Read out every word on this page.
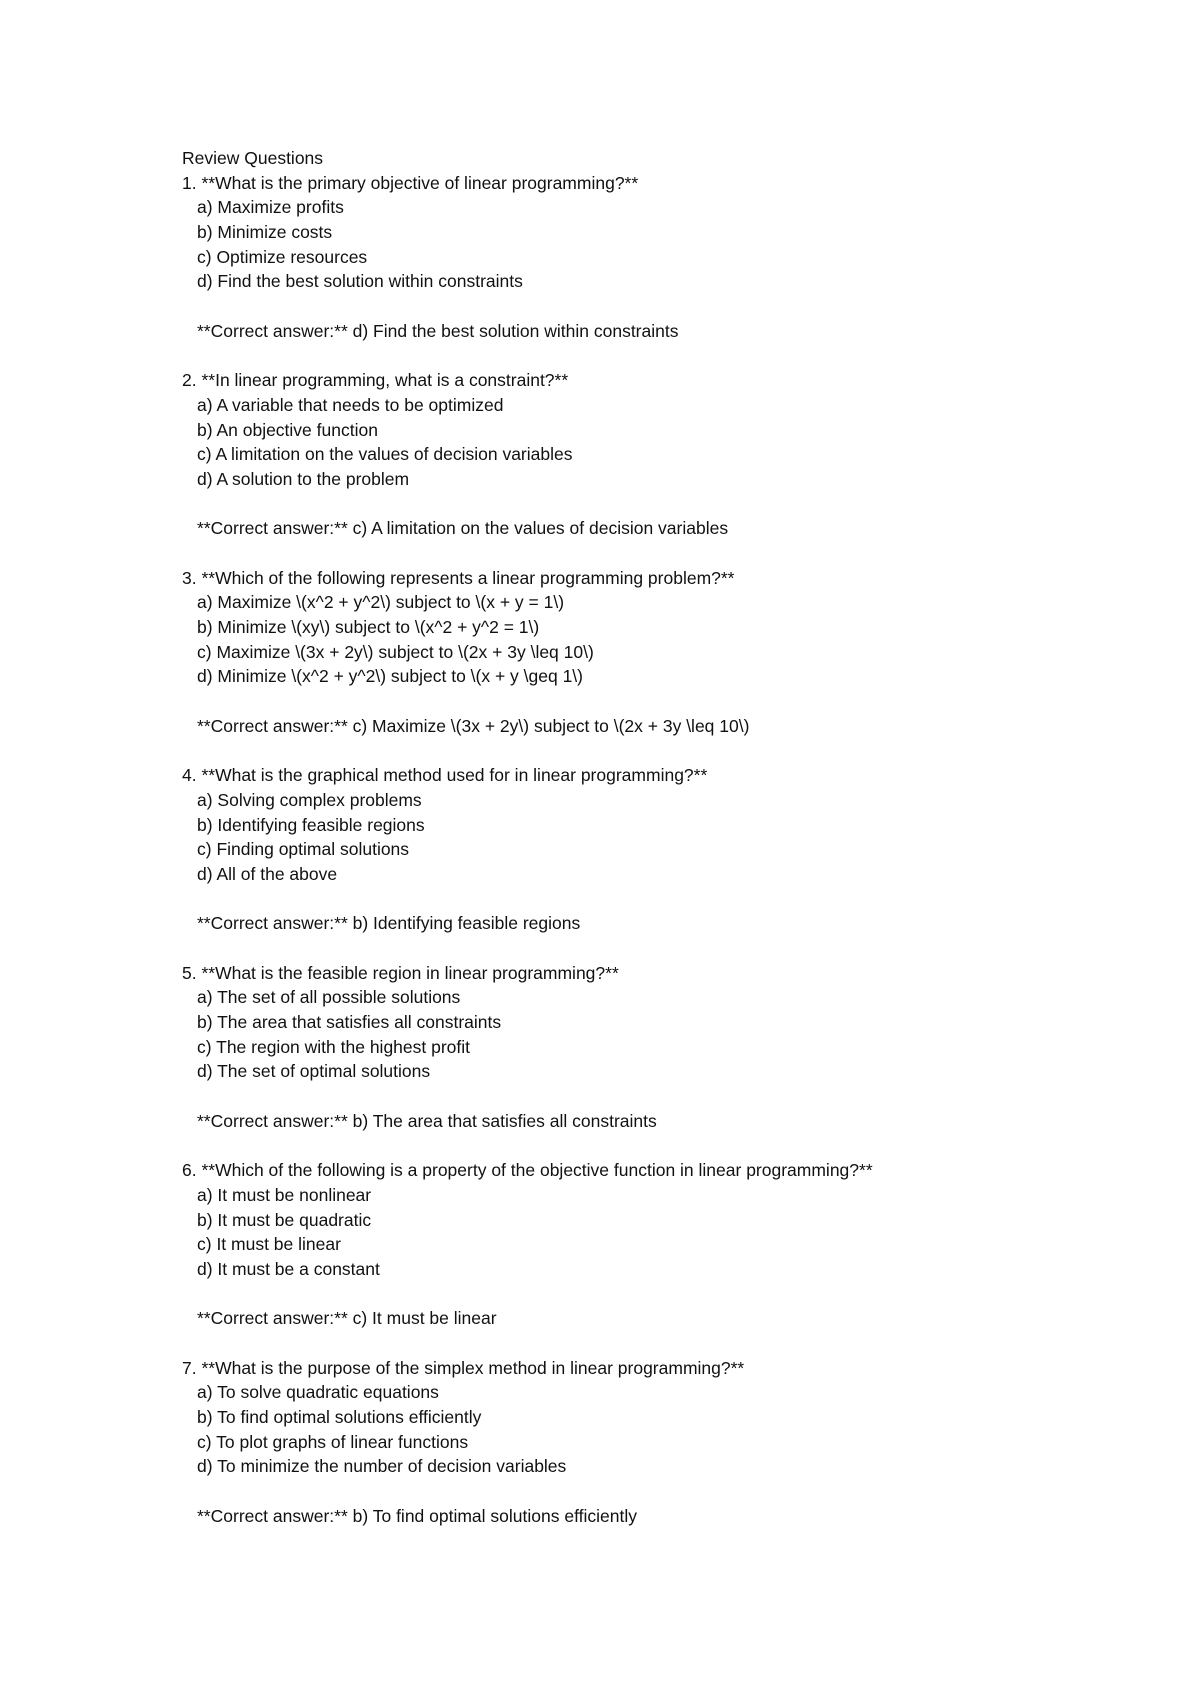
Review Questions
1. **What is the primary objective of linear programming?**
a) Maximize profits
b) Minimize costs
c) Optimize resources
d) Find the best solution within constraints
**Correct answer:** d) Find the best solution within constraints
2. **In linear programming, what is a constraint?**
a) A variable that needs to be optimized
b) An objective function
c) A limitation on the values of decision variables
d) A solution to the problem
**Correct answer:** c) A limitation on the values of decision variables
3. **Which of the following represents a linear programming problem?**
a) Maximize \(x^2 + y^2\) subject to \(x + y = 1\)
b) Minimize \(xy\) subject to \(x^2 + y^2 = 1\)
c) Maximize \(3x + 2y\) subject to \(2x + 3y \leq 10\)
d) Minimize \(x^2 + y^2\) subject to \(x + y \geq 1\)
**Correct answer:** c) Maximize \(3x + 2y\) subject to \(2x + 3y \leq 10\)
4. **What is the graphical method used for in linear programming?**
a) Solving complex problems
b) Identifying feasible regions
c) Finding optimal solutions
d) All of the above
**Correct answer:** b) Identifying feasible regions
5. **What is the feasible region in linear programming?**
a) The set of all possible solutions
b) The area that satisfies all constraints
c) The region with the highest profit
d) The set of optimal solutions
**Correct answer:** b) The area that satisfies all constraints
6. **Which of the following is a property of the objective function in linear programming?**
a) It must be nonlinear
b) It must be quadratic
c) It must be linear
d) It must be a constant
**Correct answer:** c) It must be linear
7. **What is the purpose of the simplex method in linear programming?**
a) To solve quadratic equations
b) To find optimal solutions efficiently
c) To plot graphs of linear functions
d) To minimize the number of decision variables
**Correct answer:** b) To find optimal solutions efficiently
